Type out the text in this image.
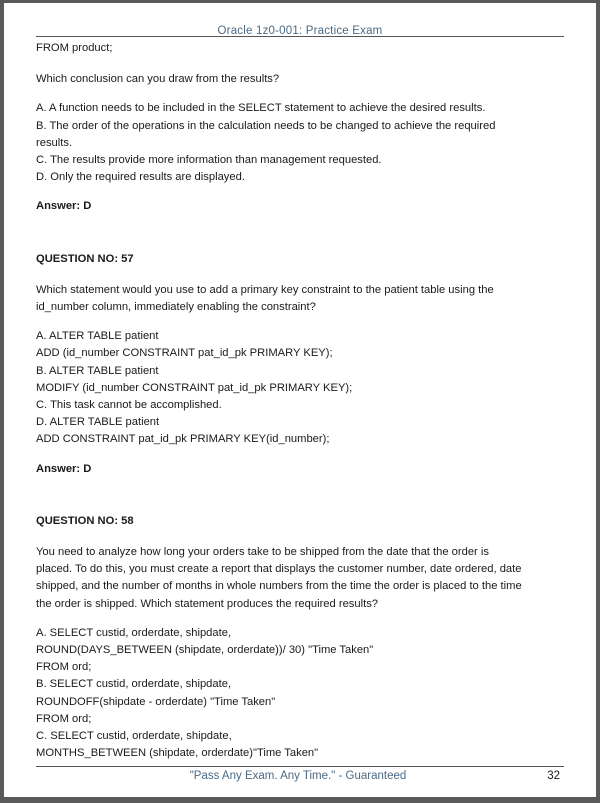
Oracle 1z0-001: Practice Exam

FROM product;

Which conclusion can you draw from the results?

A. A function needs to be included in the SELECT statement to achieve the desired results.

B. The order of the operations in the calculation needs to be changed to achieve the required

results.

C. The results provide more information than management requested.

D. Only the required results are displayed.

Answer: D

QUESTION NO: 57

Which statement would you use to add a primary key constraint to the patient table using the

id_number column, immediately enabling the constraint?

A. ALTER TABLE patient

ADD (id_number CONSTRAINT pat_id_pk PRIMARY KEY);

B. ALTER TABLE patient

MODIFY (id_number CONSTRAINT pat_id_pk PRIMARY KEY);

C. This task cannot be accomplished.

D. ALTER TABLE patient

ADD CONSTRAINT pat_id_pk PRIMARY KEY(id_number);

Answer: D

QUESTION NO: 58

You need to analyze how long your orders take to be shipped from the date that the order is

placed. To do this, you must create a report that displays the customer number, date ordered, date

shipped, and the number of months in whole numbers from the time the order is placed to the time

the order is shipped. Which statement produces the required results?

A. SELECT custid, orderdate, shipdate,

ROUND(DAYS_BETWEEN (shipdate, orderdate))/ 30) "Time Taken"

FROM ord;

B. SELECT custid, orderdate, shipdate,

ROUNDOFF(shipdate - orderdate) "Time Taken"

FROM ord;

C. SELECT custid, orderdate, shipdate,

MONTHS_BETWEEN (shipdate, orderdate)"Time Taken"

"Pass Any Exam. Any Time." - Guaranteed	32
